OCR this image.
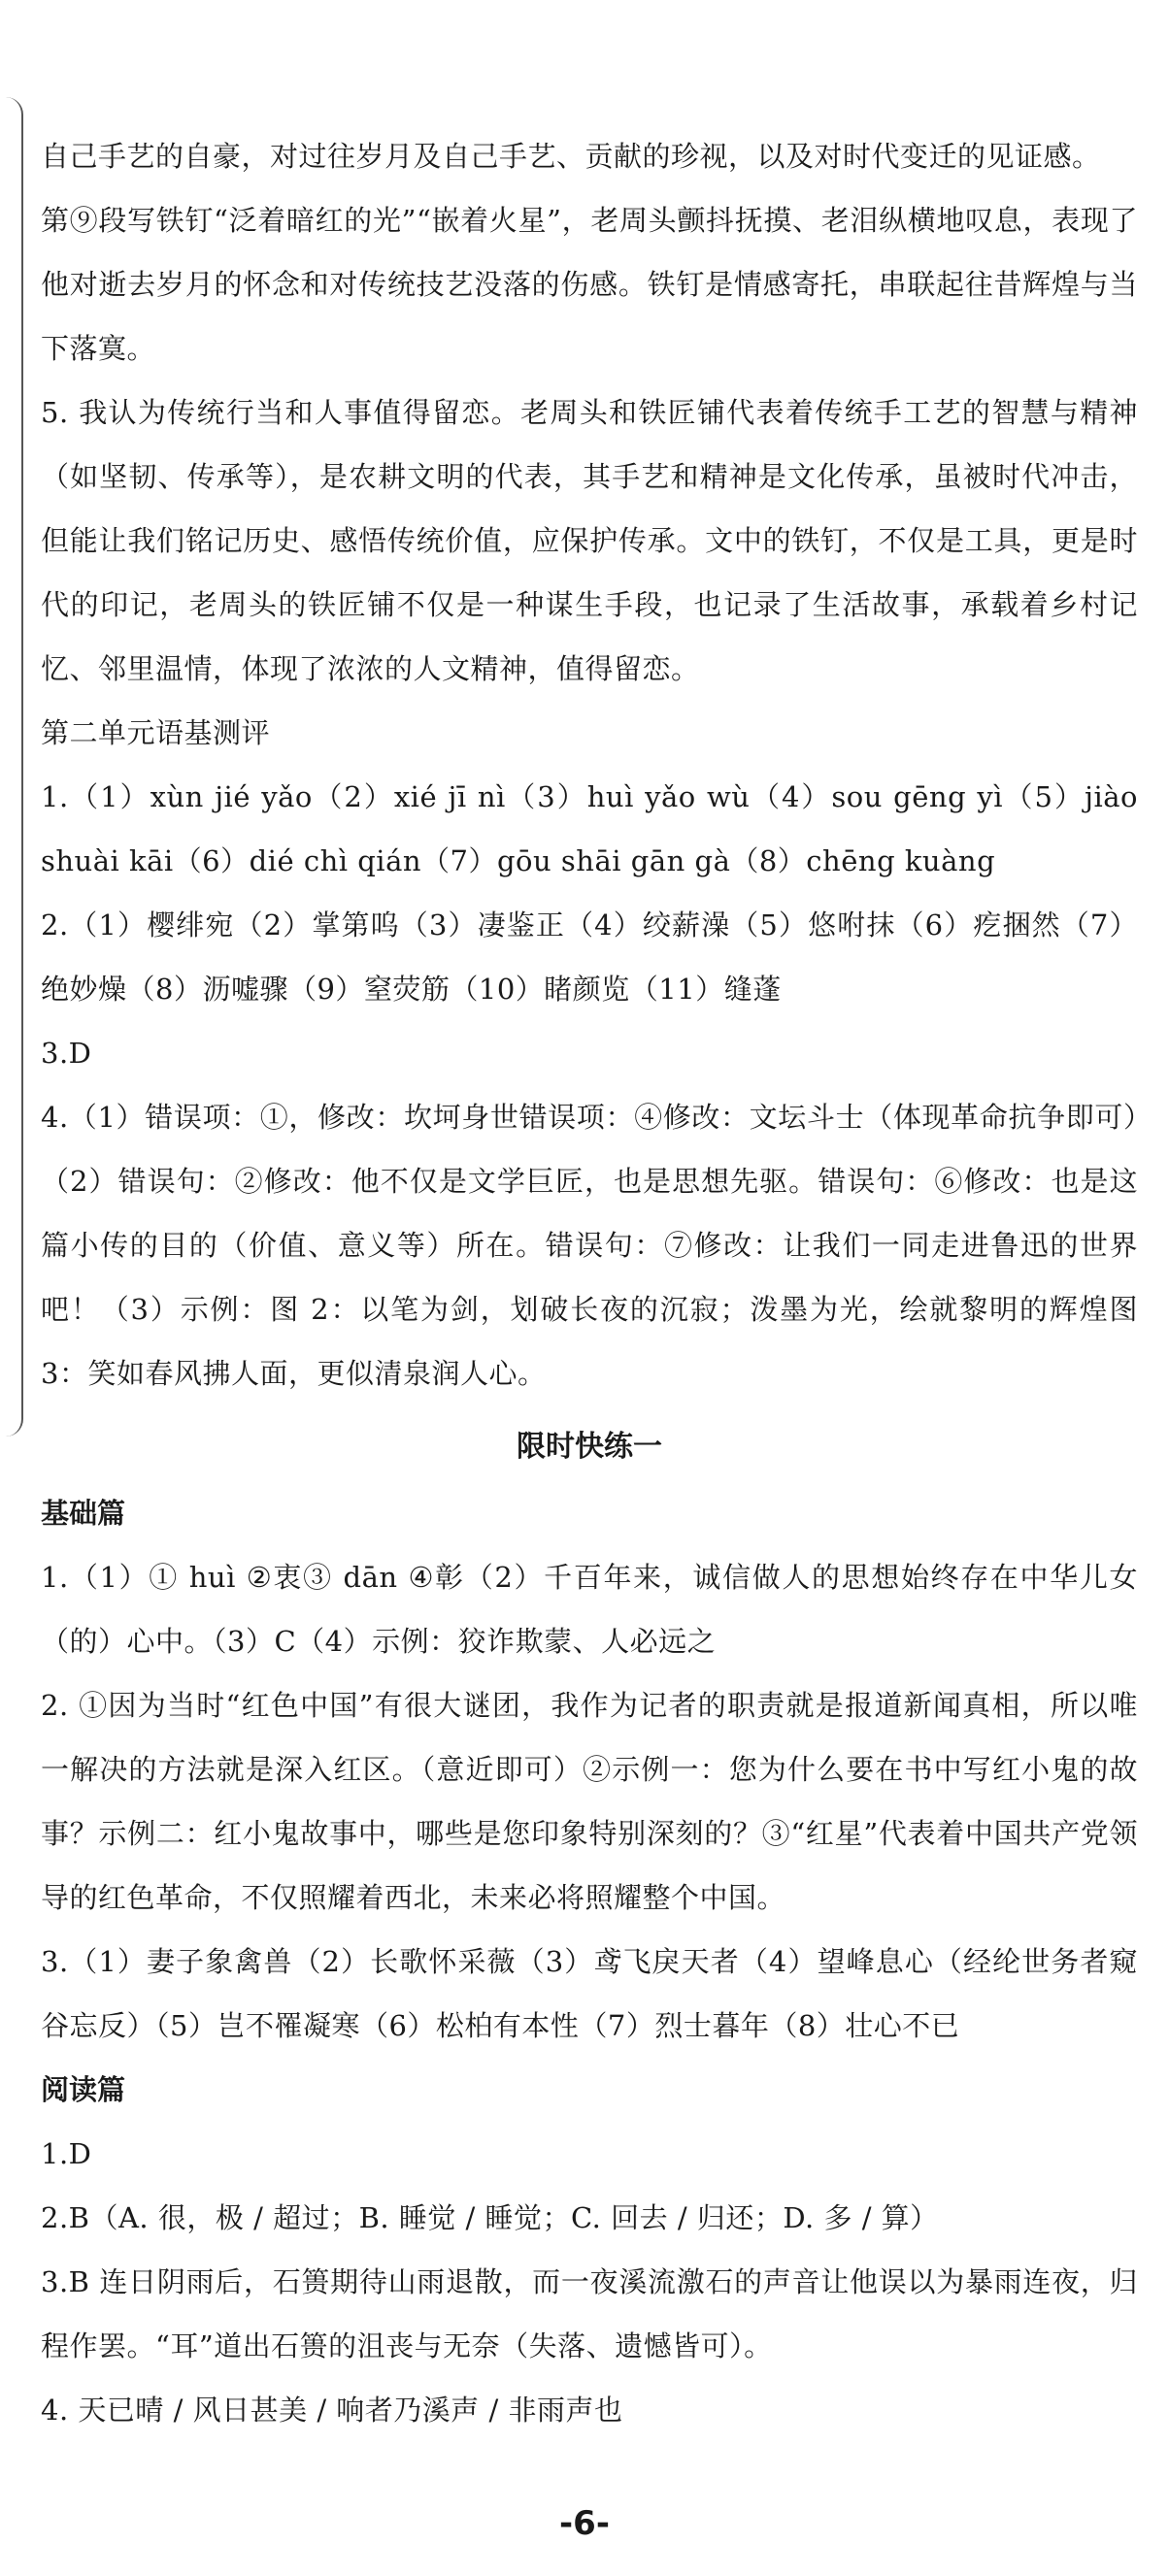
自己手艺的自豪，对过往岁月及自己手艺、贡献的珍视，以及对时代变迁的见证感。

第⑨段写铁钉“泛着暗红的光”“嵌着火星”，老周头颤抖抚摸、老泪纵横地叹息，表现了他对逝去岁月的怀念和对传统技艺没落的伤感。铁钉是情感寄托，串联起往昔辉煌与当下落寞。

5. 我认为传统行当和人事值得留恋。老周头和铁匠铺代表着传统手工艺的智慧与精神（如坚韧、传承等），是农耕文明的代表，其手艺和精神是文化传承，虽被时代冲击，但能让我们铭记历史、感悟传统价值，应保护传承。文中的铁钉，不仅是工具，更是时代的印记，老周头的铁匠铺不仅是一种谋生手段，也记录了生活故事，承载着乡村记忆、邻里温情，体现了浓浓的人文精神，值得留恋。

第二单元语基测评

1.（1）xùn jié yǎo（2）xié jī nì（3）huì yǎo wù（4）sou gēng yì（5）jiào shuài kāi（6）dié chì qián（7）gōu shāi gān gà（8）chēng kuàng

2.（1）樱绯宛（2）掌第呜（3）凄鉴正（4）绞薪澡（5）悠咐抹（6）疙捆然（7）绝妙燥（8）沥嘘骤（9）窒荧筋（10）睹颜览（11）缝蓬

3.D

4.（1）错误项：①，修改：坎坷身世错误项：④修改：文坛斗士（体现革命抗争即可）（2）错误句：②修改：他不仅是文学巨匠，也是思想先驱。错误句：⑥修改：也是这篇小传的目的（价值、意义等）所在。错误句：⑦修改：让我们一同走进鲁迅的世界吧！（3）示例：图 2：以笔为剑，划破长夜的沉寂；泼墨为光，绘就黎明的辉煌图 3：笑如春风拂人面，更似清泉润人心。

限时快练一
基础篇

1.（1）① huì ②衷③ dān ④彰（2）千百年来，诚信做人的思想始终存在中华儿女（的）心中。（3）C（4）示例：狡诈欺蒙、人必远之

2. ①因为当时“红色中国”有很大谜团，我作为记者的职责就是报道新闻真相，所以唯一解决的方法就是深入红区。（意近即可）②示例一：您为什么要在书中写红小鬼的故事？示例二：红小鬼故事中，哪些是您印象特别深刻的？③“红星”代表着中国共产党领导的红色革命，不仅照耀着西北，未来必将照耀整个中国。

3.（1）妻子象禽兽（2）长歌怀采薇（3）鸢飞戾天者（4）望峰息心（经纶世务者窥谷忘反）（5）岂不罹凝寒（6）松柏有本性（7）烈士暮年（8）壮心不已

阅读篇

1.D

2.B（A. 很，极 / 超过；B. 睡觉 / 睡觉；C. 回去 / 归还；D. 多 / 算）

3.B 连日阴雨后，石篑期待山雨退散，而一夜溪流激石的声音让他误以为暴雨连夜，归程作罢。“耳”道出石篑的沮丧与无奈（失落、遗憾皆可）。

4. 天已晴 / 风日甚美 / 响者乃溪声 / 非雨声也

-6-
